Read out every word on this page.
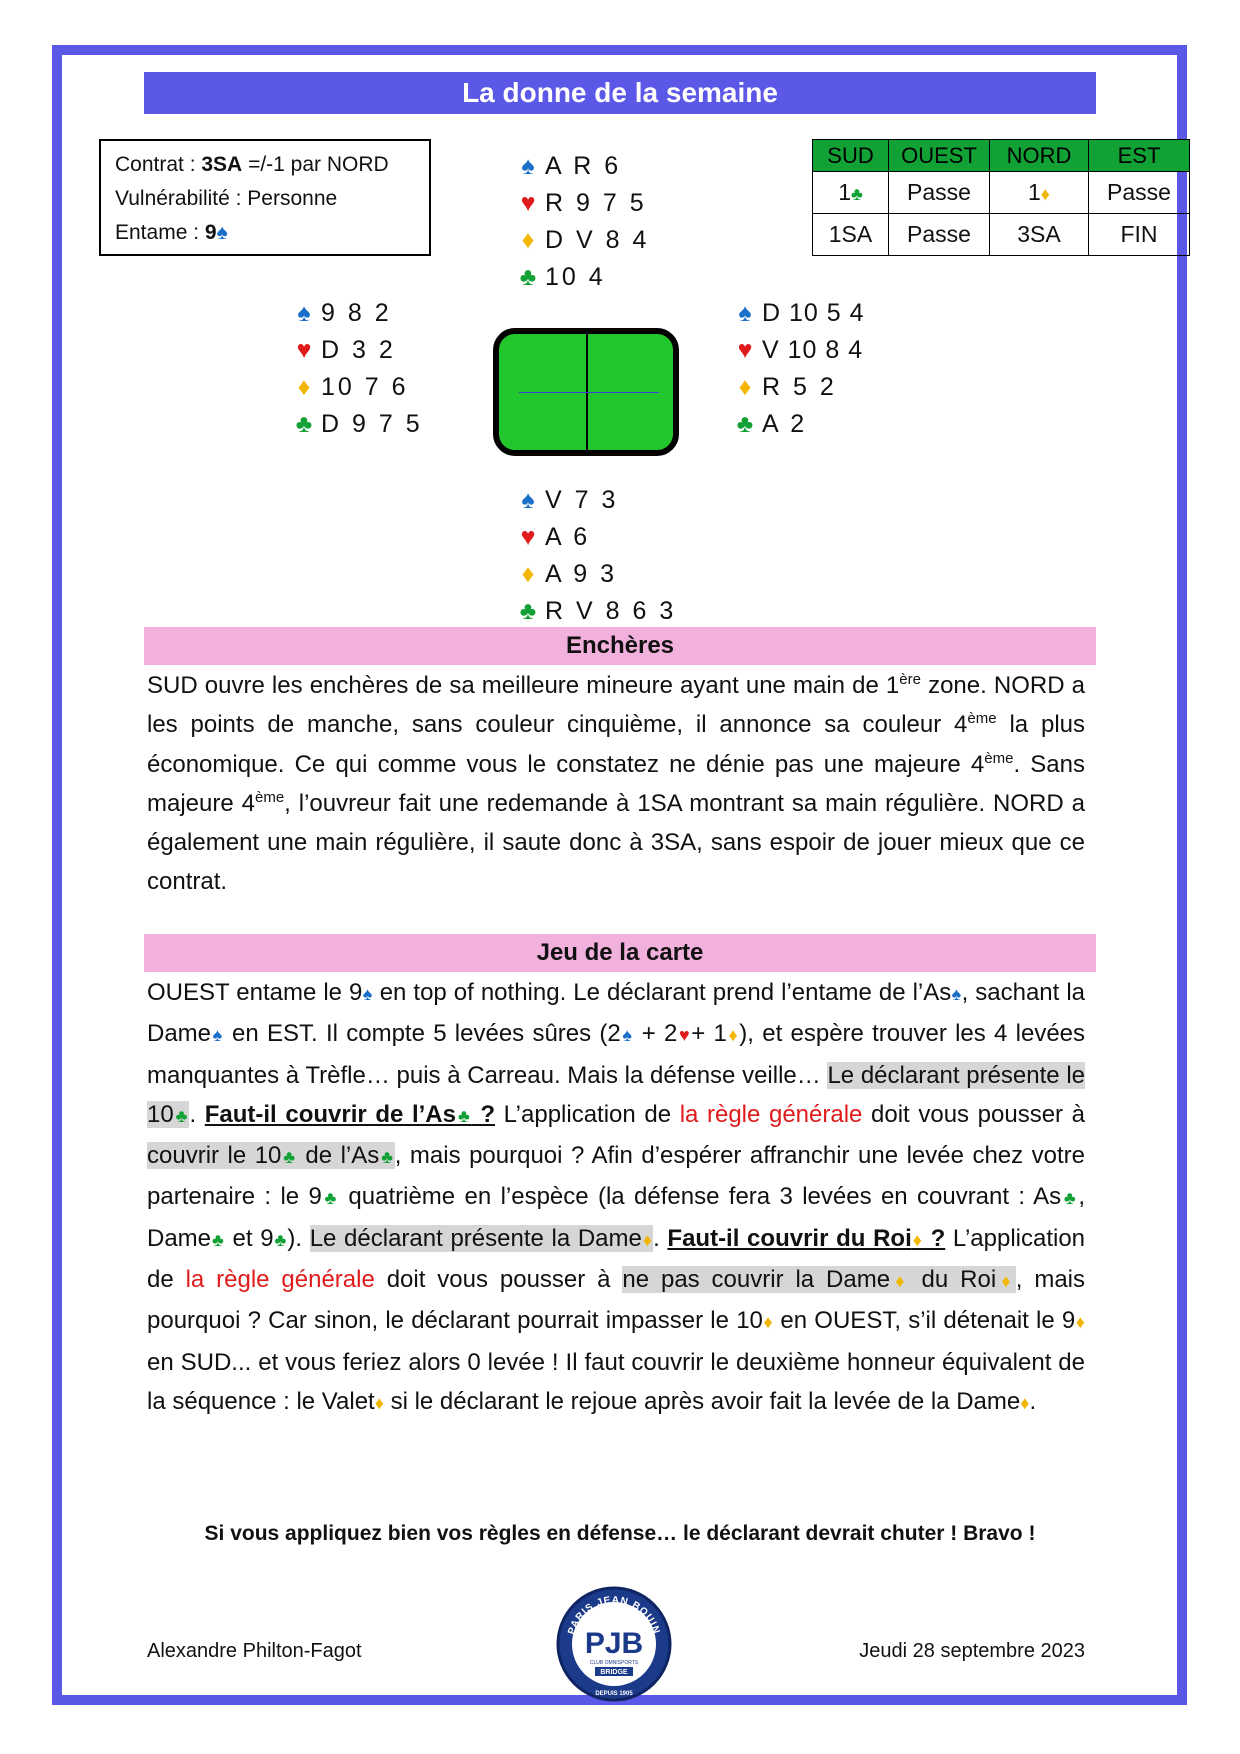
La donne de la semaine
Contrat : 3SA =/-1 par NORD
Vulnérabilité : Personne
Entame : 9♠
SUD	OUEST	NORD	EST
1♣	Passe	1♦	Passe
1SA	Passe	3SA	FIN
♠ A R 6
♥ R 9 7 5
♦ D V 8 4
♣ 10 4
♠ 9 8 2
♥ D 3 2
♦ 10 7 6
♣ D 9 7 5
♠ D 10 5 4
♥ V 10 8 4
♦ R 5 2
♣ A 2
♠ V 7 3
♥ A 6
♦ A 9 3
♣ R V 8 6 3
Enchères
SUD ouvre les enchères de sa meilleure mineure ayant une main de 1ère zone. NORD a les points de manche, sans couleur cinquième, il annonce sa couleur 4ème la plus économique. Ce qui comme vous le constatez ne dénie pas une majeure 4ème. Sans majeure 4ème, l’ouvreur fait une redemande à 1SA montrant sa main régulière. NORD a également une main régulière, il saute donc à 3SA, sans espoir de jouer mieux que ce contrat.
Jeu de la carte
OUEST entame le 9♠ en top of nothing. Le déclarant prend l’entame de l’As♠, sachant la Dame♠ en EST. Il compte 5 levées sûres (2♠ + 2♥+ 1♦), et espère trouver les 4 levées manquantes à Trèfle… puis à Carreau. Mais la défense veille… Le déclarant présente le 10♣. Faut-il couvrir de l’As♣ ? L’application de la règle générale doit vous pousser à couvrir le 10♣ de l’As♣, mais pourquoi ? Afin d’espérer affranchir une levée chez votre partenaire : le 9♣ quatrième en l’espèce (la défense fera 3 levées en couvrant : As♣, Dame♣ et 9♣). Le déclarant présente la Dame♦. Faut-il couvrir du Roi♦ ? L’application de la règle générale doit vous pousser à ne pas couvrir la Dame♦ du Roi♦, mais pourquoi ? Car sinon, le déclarant pourrait impasser le 10♦ en OUEST, s’il détenait le 9♦ en SUD... et vous feriez alors 0 levée ! Il faut couvrir le deuxième honneur équivalent de la séquence : le Valet♦ si le déclarant le rejoue après avoir fait la levée de la Dame♦.
Si vous appliquez bien vos règles en défense… le déclarant devrait chuter ! Bravo !
PARIS JEAN BOUIN
PJB
CLUB OMNISPORTS
BRIDGE
DEPUIS 1905
Alexandre Philton-Fagot	Jeudi 28 septembre 2023
